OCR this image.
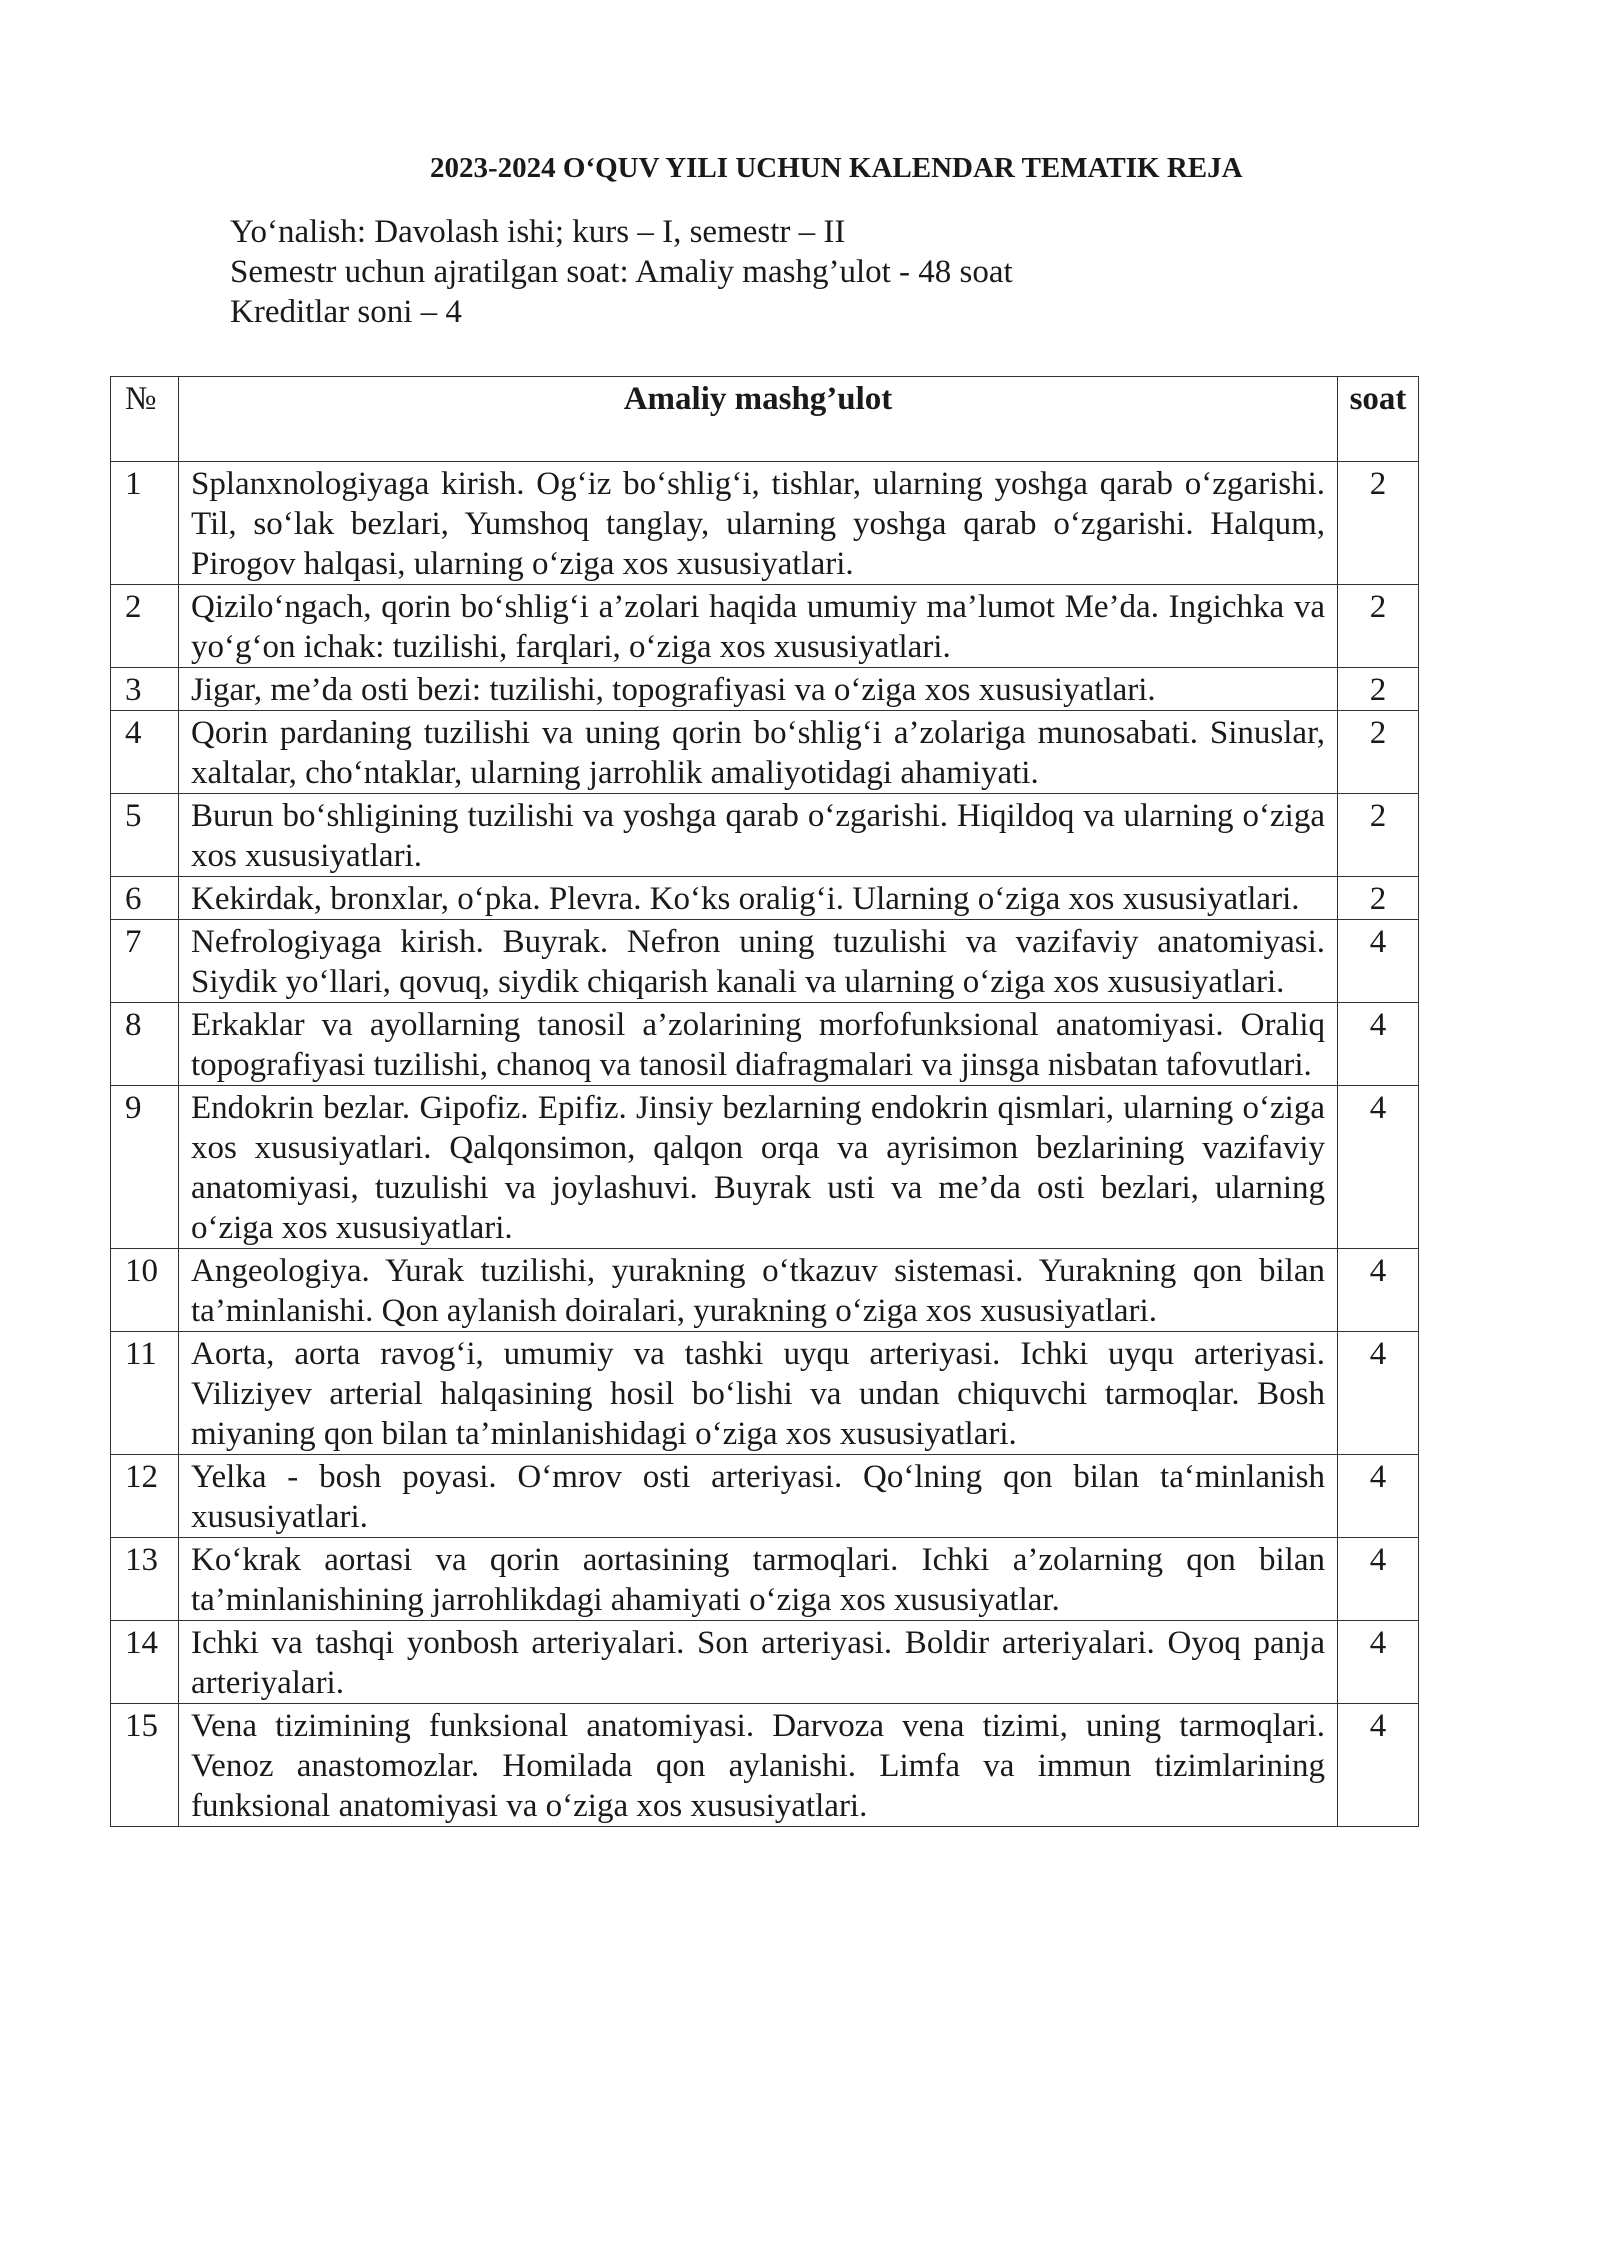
2023-2024 O‘QUV YILI UCHUN KALENDAR TEMATIK REJA
Yo‘nalish: Davolash ishi; kurs – I, semestr – II
Semestr uchun ajratilgan soat: Amaliy mashg’ulot - 48 soat
Kreditlar soni – 4
№	Amaliy mashg’ulot	soat
1	Splanxnologiyaga kirish. Og‘iz bo‘shlig‘i, tishlar, ularning yoshga qarab o‘zgarishi. Til, so‘lak bezlari, Yumshoq tanglay, ularning yoshga qarab o‘zgarishi. Halqum, Pirogov halqasi, ularning o‘ziga xos xususiyatlari.	2
2	Qizilo‘ngach, qorin bo‘shlig‘i a’zolari haqida umumiy ma’lumot Me’da. Ingichka va yo‘g‘on ichak: tuzilishi, farqlari, o‘ziga xos xususiyatlari.	2
3	Jigar, me’da osti bezi: tuzilishi, topografiyasi va o‘ziga xos xususiyatlari.	2
4	Qorin pardaning tuzilishi va uning qorin bo‘shlig‘i a’zolariga munosabati. Sinuslar, xaltalar, cho‘ntaklar, ularning jarrohlik amaliyotidagi ahamiyati.	2
5	Burun bo‘shligining tuzilishi va yoshga qarab o‘zgarishi. Hiqildoq va ularning o‘ziga xos xususiyatlari.	2
6	Kekirdak, bronxlar, o‘pka. Plevra. Ko‘ks oralig‘i. Ularning o‘ziga xos xususiyatlari.	2
7	Nefrologiyaga kirish. Buyrak. Nefron uning tuzulishi va vazifaviy anatomiyasi. Siydik yo‘llari, qovuq, siydik chiqarish kanali va ularning o‘ziga xos xususiyatlari.	4
8	Erkaklar va ayollarning tanosil a’zolarining morfofunksional anatomiyasi. Oraliq topografiyasi tuzilishi, chanoq va tanosil diafragmalari va jinsga nisbatan tafovutlari.	4
9	Endokrin bezlar. Gipofiz. Epifiz. Jinsiy bezlarning endokrin qismlari, ularning o‘ziga xos xususiyatlari. Qalqonsimon, qalqon orqa va ayrisimon bezlarining vazifaviy anatomiyasi, tuzulishi va joylashuvi. Buyrak usti va me’da osti bezlari, ularning o‘ziga xos xususiyatlari.	4
10	Angeologiya. Yurak tuzilishi, yurakning o‘tkazuv sistemasi. Yurakning qon bilan ta’minlanishi. Qon aylanish doiralari, yurakning o‘ziga xos xususiyatlari.	4
11	Aorta, aorta ravog‘i, umumiy va tashki uyqu arteriyasi. Ichki uyqu arteriyasi. Viliziyev arterial halqasining hosil bo‘lishi va undan chiquvchi tarmoqlar. Bosh miyaning qon bilan ta’minlanishidagi o‘ziga xos xususiyatlari.	4
12	Yelka - bosh poyasi. O‘mrov osti arteriyasi. Qo‘lning qon bilan ta‘minlanish xususiyatlari.	4
13	Ko‘krak aortasi va qorin aortasining tarmoqlari. Ichki a’zolarning qon bilan ta’minlanishining jarrohlikdagi ahamiyati o‘ziga xos xususiyatlar.	4
14	Ichki va tashqi yonbosh arteriyalari. Son arteriyasi. Boldir arteriyalari. Oyoq panja arteriyalari.	4
15	Vena tizimining funksional anatomiyasi. Darvoza vena tizimi, uning tarmoqlari. Venoz anastomozlar. Homilada qon aylanishi. Limfa va immun tizimlarining funksional anatomiyasi va o‘ziga xos xususiyatlari.	4
